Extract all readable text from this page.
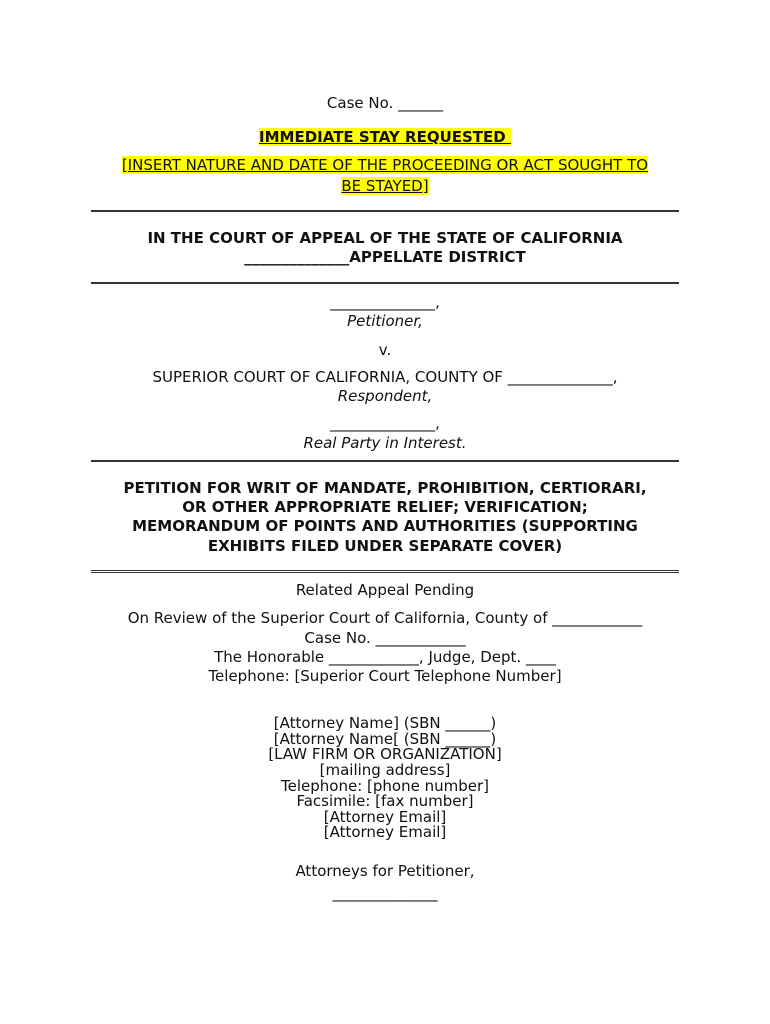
Case No. ______
IMMEDIATE STAY REQUESTED
[INSERT NATURE AND DATE OF THE PROCEEDING OR ACT SOUGHT TO
BE STAYED]
IN THE COURT OF APPEAL OF THE STATE OF CALIFORNIA
______________APPELLATE DISTRICT
______________,
Petitioner,
v.
SUPERIOR COURT OF CALIFORNIA, COUNTY OF ______________,
Respondent,
______________,
Real Party in Interest.
PETITION FOR WRIT OF MANDATE, PROHIBITION, CERTIORARI,
OR OTHER APPROPRIATE RELIEF; VERIFICATION;
MEMORANDUM OF POINTS AND AUTHORITIES (SUPPORTING
EXHIBITS FILED UNDER SEPARATE COVER)
Related Appeal Pending
On Review of the Superior Court of California, County of ____________
Case No. ____________
The Honorable ____________, Judge, Dept. ____
Telephone: [Superior Court Telephone Number]
[Attorney Name] (SBN ______)
[Attorney Name[ (SBN ______)
[LAW FIRM OR ORGANIZATION]
[mailing address]
Telephone: [phone number]
Facsimile: [fax number]
[Attorney Email]
[Attorney Email]
Attorneys for Petitioner,
______________
